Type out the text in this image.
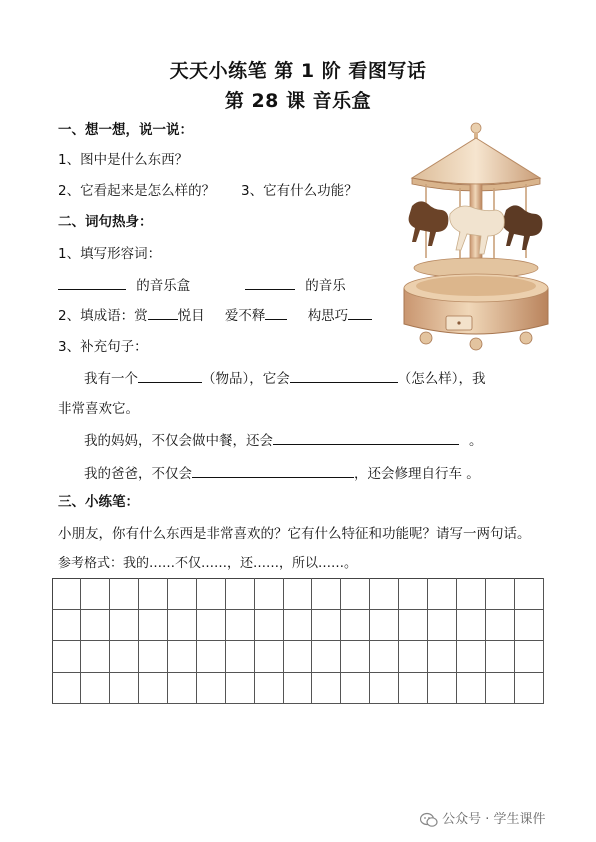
天天小练笔 第 1 阶 看图写话
第 28 课 音乐盒
一、想一想，说一说：
1、图中是什么东西？
2、它看起来是怎么样的？ 3、它有什么功能？
二、词句热身：
1、填写形容词：
的音乐盒	的音乐
2、填成语：赏 悦目 爱不释	构思巧
3、补充句子：
我有一个	（物品），它会	（怎么样），我
非常喜欢它。
我的妈妈，不仅会做中餐，还会	。
我的爸爸，不仅会	，还会修理自行车 。
三、小练笔：
小朋友，你有什么东西是非常喜欢的？它有什么特征和功能呢？请写一两句话。
参考格式：我的……不仅……，还……，所以……。
公众号 · 学生课件
